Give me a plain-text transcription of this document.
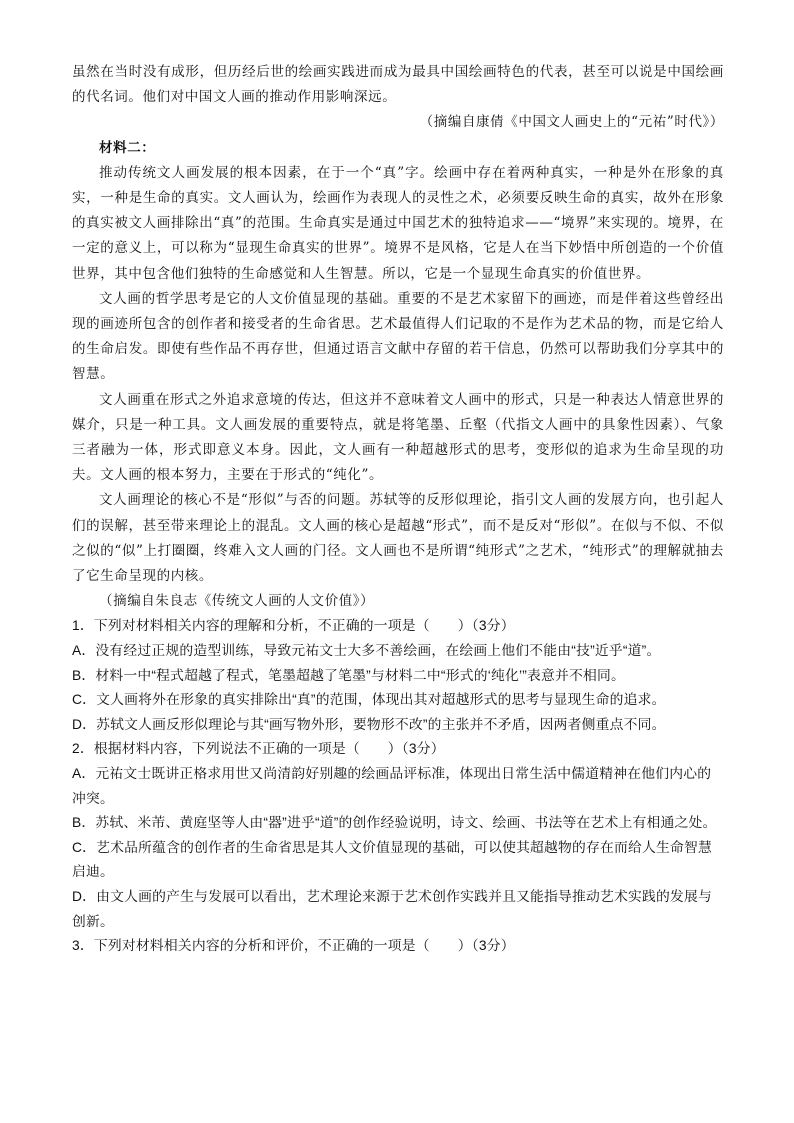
虽然在当时没有成形，但历经后世的绘画实践进而成为最具中国绘画特色的代表，甚至可以说是中国绘画的代名词。他们对中国文人画的推动作用影响深远。

（摘编自康倩《中国文人画史上的“元祐”时代》）

材料二：

推动传统文人画发展的根本因素，在于一个“真”字。绘画中存在着两种真实，一种是外在形象的真实，一种是生命的真实。文人画认为，绘画作为表现人的灵性之术，必须要反映生命的真实，故外在形象的真实被文人画排除出“真”的范围。生命真实是通过中国艺术的独特追求——“境界”来实现的。境界，在一定的意义上，可以称为“显现生命真实的世界”。境界不是风格，它是人在当下妙悟中所创造的一个价值世界，其中包含他们独特的生命感觉和人生智慧。所以，它是一个显现生命真实的价值世界。

文人画的哲学思考是它的人文价值显现的基础。重要的不是艺术家留下的画迹，而是伴着这些曾经出现的画迹所包含的创作者和接受者的生命省思。艺术最值得人们记取的不是作为艺术品的物，而是它给人的生命启发。即使有些作品不再存世，但通过语言文献中存留的若干信息，仍然可以帮助我们分享其中的智慧。

文人画重在形式之外追求意境的传达，但这并不意味着文人画中的形式，只是一种表达人情意世界的媒介，只是一种工具。文人画发展的重要特点，就是将笔墨、丘壑（代指文人画中的具象性因素）、气象三者融为一体，形式即意义本身。因此，文人画有一种超越形式的思考，变形似的追求为生命呈现的功夫。文人画的根本努力，主要在于形式的“纯化”。

文人画理论的核心不是“形似”与否的问题。苏轼等的反形似理论，指引文人画的发展方向，也引起人们的误解，甚至带来理论上的混乱。文人画的核心是超越“形式”，而不是反对“形似”。在似与不似、不似之似的“似”上打圈圈，终难入文人画的门径。文人画也不是所谓“纯形式”之艺术，“纯形式”的理解就抽去了它生命呈现的内核。

（摘编自朱良志《传统文人画的人文价值》）

1．下列对材料相关内容的理解和分析，不正确的一项是（　　）（3分）

A．没有经过正规的造型训练，导致元祐文士大多不善绘画，在绘画上他们不能由“技”近乎“道”。

B．材料一中“程式超越了程式，笔墨超越了笔墨”与材料二中“形式的‘纯化’”表意并不相同。

C．文人画将外在形象的真实排除出“真”的范围，体现出其对超越形式的思考与显现生命的追求。

D．苏轼文人画反形似理论与其“画写物外形，要物形不改”的主张并不矛盾，因两者侧重点不同。

2．根据材料内容，下列说法不正确的一项是（　　）（3分）

A．元祐文士既讲正格求用世又尚清韵好别趣的绘画品评标准，体现出日常生活中儒道精神在他们内心的冲突。

B．苏轼、米芾、黄庭坚等人由“器”进乎“道”的创作经验说明，诗文、绘画、书法等在艺术上有相通之处。

C．艺术品所蕴含的创作者的生命省思是其人文价值显现的基础，可以使其超越物的存在而给人生命智慧启迪。

D．由文人画的产生与发展可以看出，艺术理论来源于艺术创作实践并且又能指导推动艺术实践的发展与创新。

3．下列对材料相关内容的分析和评价，不正确的一项是（　　）（3分）
